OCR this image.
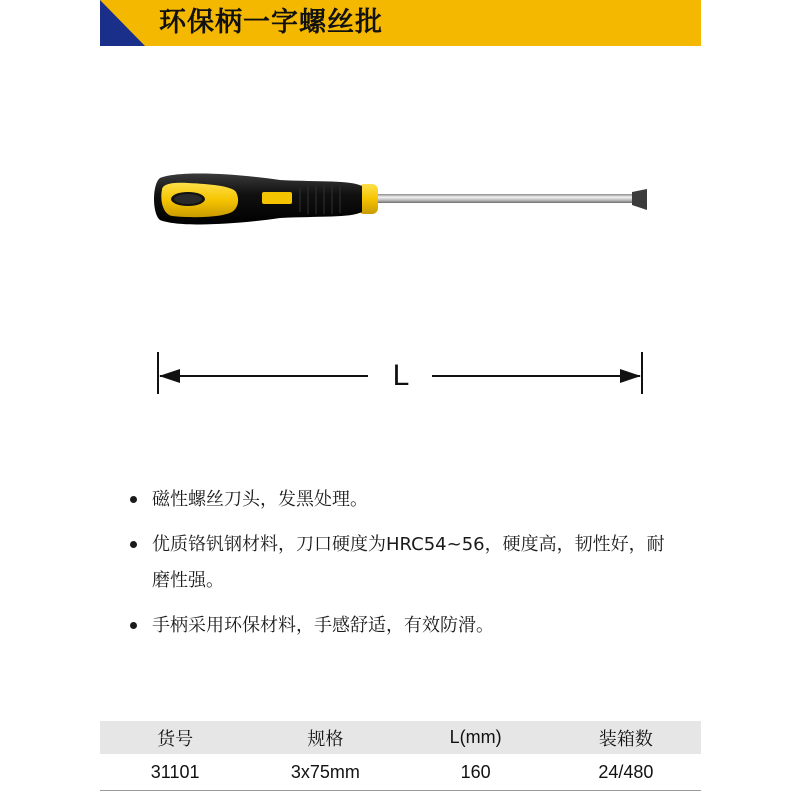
环保柄一字螺丝批
L
磁性螺丝刀头，发黑处理。
优质铬钒钢材料，刀口硬度为HRC54~56，硬度高，韧性好，耐磨性强。
手柄采用环保材料，手感舒适，有效防滑。
货号	规格	L(mm)	装箱数
31101	3x75mm	160	24/480
